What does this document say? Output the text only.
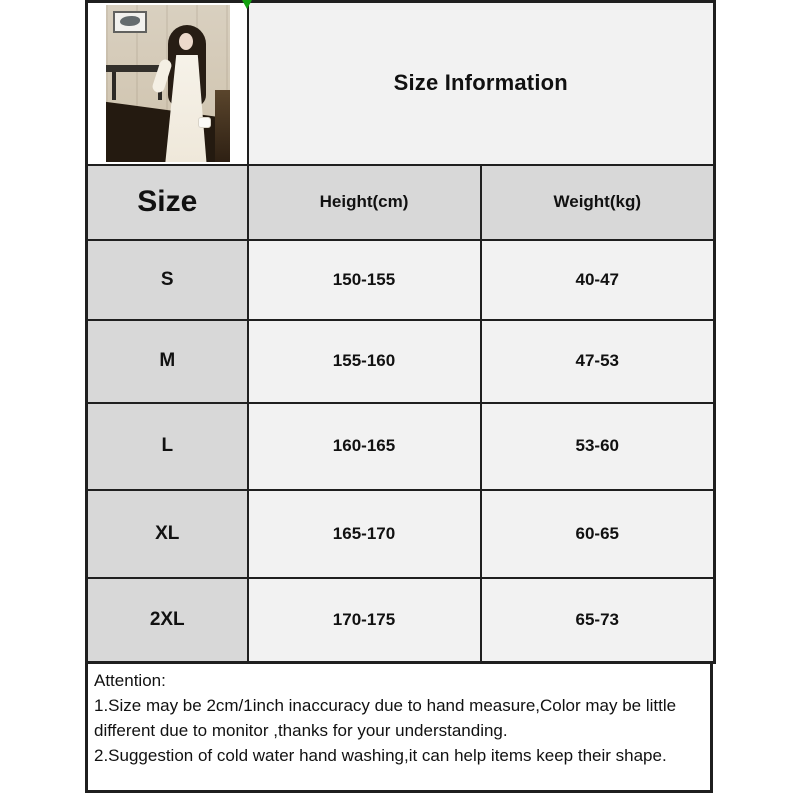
	Size Information	
Size	Height(cm)	Weight(kg)
S	150-155	40-47
M	155-160	47-53
L	160-165	53-60
XL	165-170	60-65
2XL	170-175	65-73
Attention:
1.Size may be 2cm/1inch inaccuracy due to hand measure,Color may be little different due to monitor ,thanks for your understanding.
2.Suggestion of cold water hand washing,it can help items keep their shape.
